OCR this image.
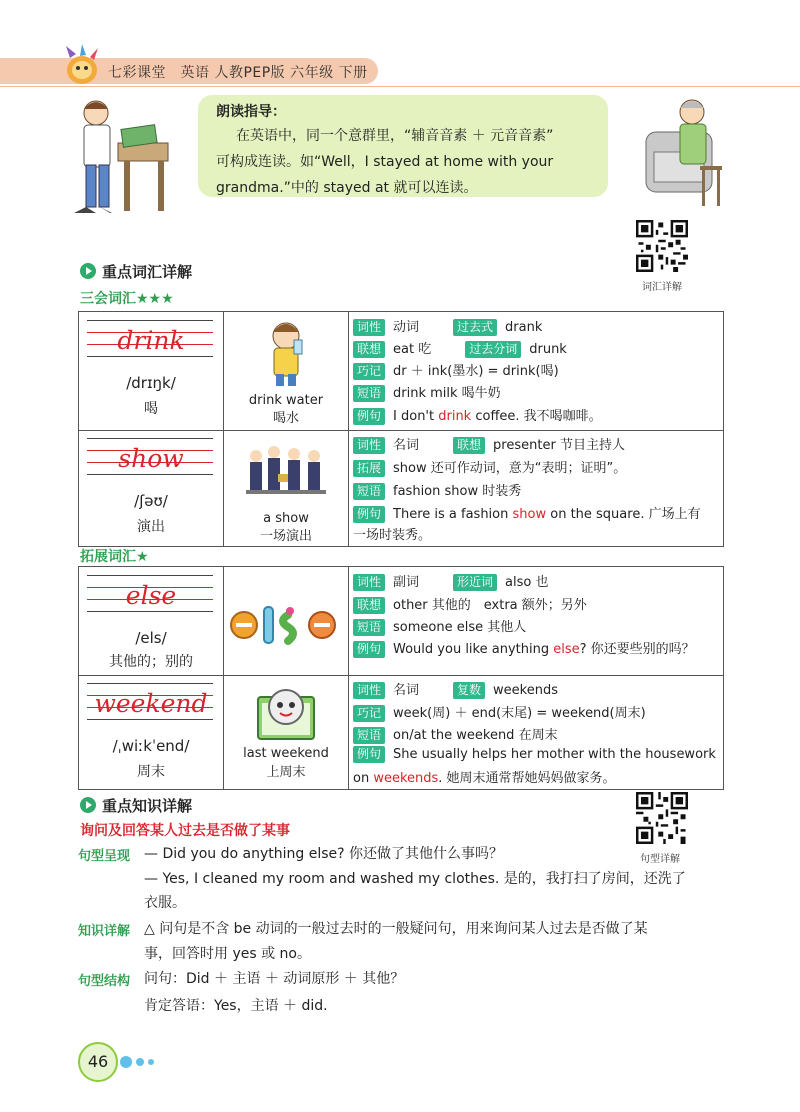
七彩课堂　英语 人教PEP版 六年级 下册
朗读指导：
在英语中，同一个意群里，“辅音音素 ＋ 元音音素”
可构成连读。如“Well，I stayed at home with your
grandma.”中的 stayed at 就可以连读。
词汇详解
重点词汇详解
三会词汇★★★
drink
/drɪŋk/
喝
drink water
喝水
词性 动词	过去式 drank
联想 eat 吃	过去分词 drunk
巧记 dr ＋ ink(墨水) = drink(喝)
短语 drink milk 喝牛奶
例句 I don't drink coffee. 我不喝咖啡。
show
/ʃəʊ/
演出
a show
一场演出
词性 名词	联想 presenter 节目主持人
拓展 show 还可作动词，意为“表明；证明”。
短语 fashion show 时装秀
例句 There is a fashion show on the square. 广场上有
一场时装秀。
拓展词汇★
else
/els/
其他的；别的
词性 副词	形近词 also 也
联想 other 其他的　extra 额外；另外
短语 someone else 其他人
例句 Would you like anything else? 你还要些别的吗？
weekend
/ˌwiːkˈend/
周末
last weekend
上周末
词性 名词	复数 weekends
巧记 week(周) ＋ end(末尾) = weekend(周末)
短语 on/at the weekend 在周末
例句 She usually helps her mother with the housework
on weekends. 她周末通常帮她妈妈做家务。
重点知识详解
句型详解
询问及回答某人过去是否做了某事
句型呈现 — Did you do anything else? 你还做了其他什么事吗？
— Yes, I cleaned my room and washed my clothes. 是的，我打扫了房间，还洗了
衣服。
知识详解 △ 问句是不含 be 动词的一般过去时的一般疑问句，用来询问某人过去是否做了某
事，回答时用 yes 或 no。
句型结构 问句：Did ＋ 主语 ＋ 动词原形 ＋ 其他？
肯定答语：Yes，主语 ＋ did.
46
